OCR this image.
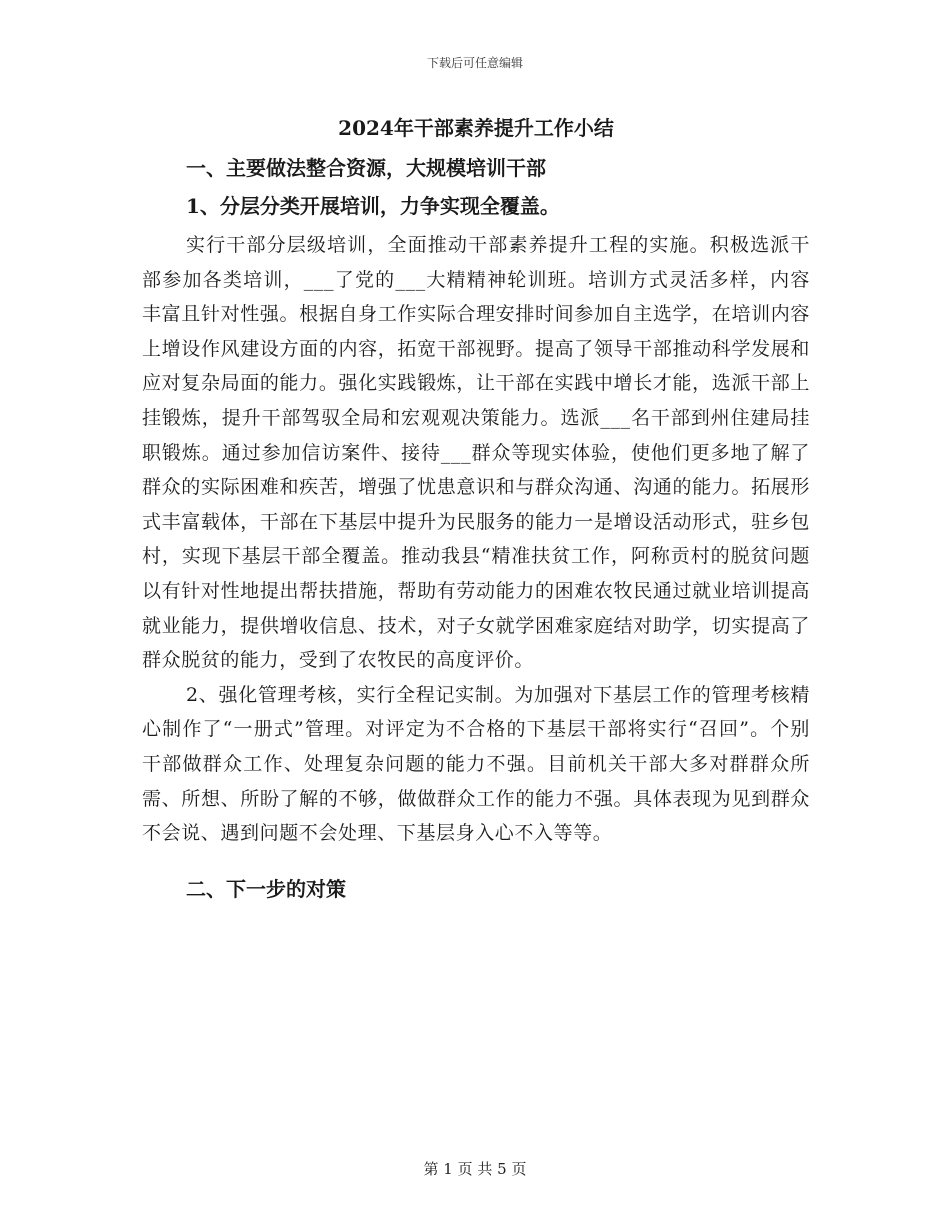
下载后可任意编辑
2024年干部素养提升工作小结
一、主要做法整合资源，大规模培训干部
1、分层分类开展培训，力争实现全覆盖。

实行干部分层级培训，全面推动干部素养提升工程的实施。积极选派干部参加各类培训，___了党的___大精精神轮训班。培训方式灵活多样，内容丰富且针对性强。根据自身工作实际合理安排时间参加自主选学，在培训内容上增设作风建设方面的内容，拓宽干部视野。提高了领导干部推动科学发展和应对复杂局面的能力。强化实践锻炼，让干部在实践中增长才能，选派干部上挂锻炼，提升干部驾驭全局和宏观观决策能力。选派___名干部到州住建局挂职锻炼。通过参加信访案件、接待___群众等现实体验，使他们更多地了解了群众的实际困难和疾苦，增强了忧患意识和与群众沟通、沟通的能力。拓展形式丰富载体，干部在下基层中提升为民服务的能力一是增设活动形式，驻乡包村，实现下基层干部全覆盖。推动我县“精准扶贫工作，阿称贡村的脱贫问题以有针对性地提出帮扶措施，帮助有劳动能力的困难农牧民通过就业培训提高就业能力，提供增收信息、技术，对子女就学困难家庭结对助学，切实提高了群众脱贫的能力，受到了农牧民的高度评价。

2、强化管理考核，实行全程记实制。为加强对下基层工作的管理考核精心制作了“一册式”管理。对评定为不合格的下基层干部将实行“召回”。个别干部做群众工作、处理复杂问题的能力不强。目前机关干部大多对群群众所需、所想、所盼了解的不够，做做群众工作的能力不强。具体表现为见到群众不会说、遇到问题不会处理、下基层身入心不入等等。

二、下一步的对策
第 1 页 共 5 页
